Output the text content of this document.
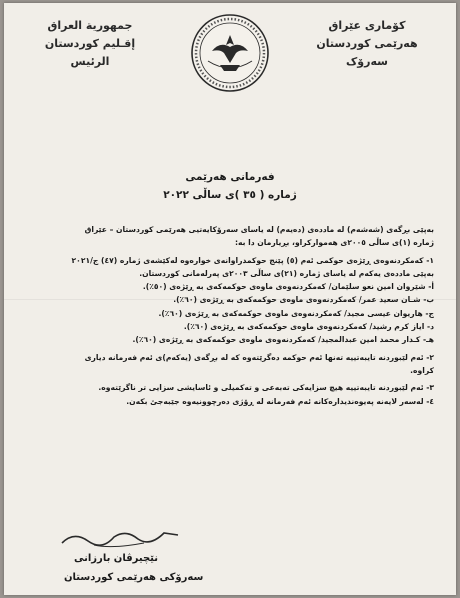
جمهورية العراق
إقـليم كوردستان
الرئيس
كۆماری عێراق
هەرێمی کوردستان
سەرۆک
فەرمانی هەرێمی
ژمارە ( ٣٥ )ی ساڵی ٢٠٢٢

بەپێی بڕگەی (شەشەم) لە ماددەی (دەیەم) لە یاسای سەرۆکایەتیی هەرێمی کوردستان – عێراق

ژمارە (١)ی ساڵی ٢٠٠٥ی هەمواركراو، بڕیارمان دا بە:

١- كەمكردنەوەی ڕێژەی حوكمی ئەم (٥) پێنج حوكمدراوانەی خوارەوە لەكێشەی ژمارە (٤٧) ج/٢٠٢١

بەپێی ماددەی یەكەم لە یاسای ژمارە (٢١)ی ساڵی ٢٠٠٣ی پەرلەمانی كوردستان.

أ- شێروان امین نعو سلێمان/ كەمكردنەوەی ماوەی حوكمەكەی بە ڕێژەی (٥٠٪).

ب- شـان سعید عمر/ كەمكردنەوەی ماوەی حوكمەكەی بە ڕێژەی (٦٠٪).

ج- هاریوان عیسی مجید/ كەمكردنەوەی ماوەی حوكمەكەی بە ڕێژەی (٦٠٪).

د- ایاز كرم رشید/ كەمكردنەوەی ماوەی حوكمەكەی بە ڕێژەی (٦٠٪).

هـ- كـدار محمد امین عبدالمجید/ كەمكردنەوەی ماوەی حوكمەكەی بە ڕێژەی (٦٠٪).

٢- ئەم لێبوردنە تایبەتییە تەنها ئەم حوكمە دەگرێتەوە كە لە بڕگەی (یەكەم)ی ئەم فەرمانە دیاری

كراوە.

٣- ئەم لێبوردنە تایبەتییە هیچ سزایەكی تەبەعی و تەكمیلی و ئاسایشی سزایی تر ناگرێتەوە.

٤- لەسەر لایەنە پەیوەندیدارەكانە ئەم فەرمانە لە ڕۆژی دەرچوونیەوە جێبەجێ بكەن.

نێچیرڤان بارزانی
سەرۆکی هەرێمی كوردستان
